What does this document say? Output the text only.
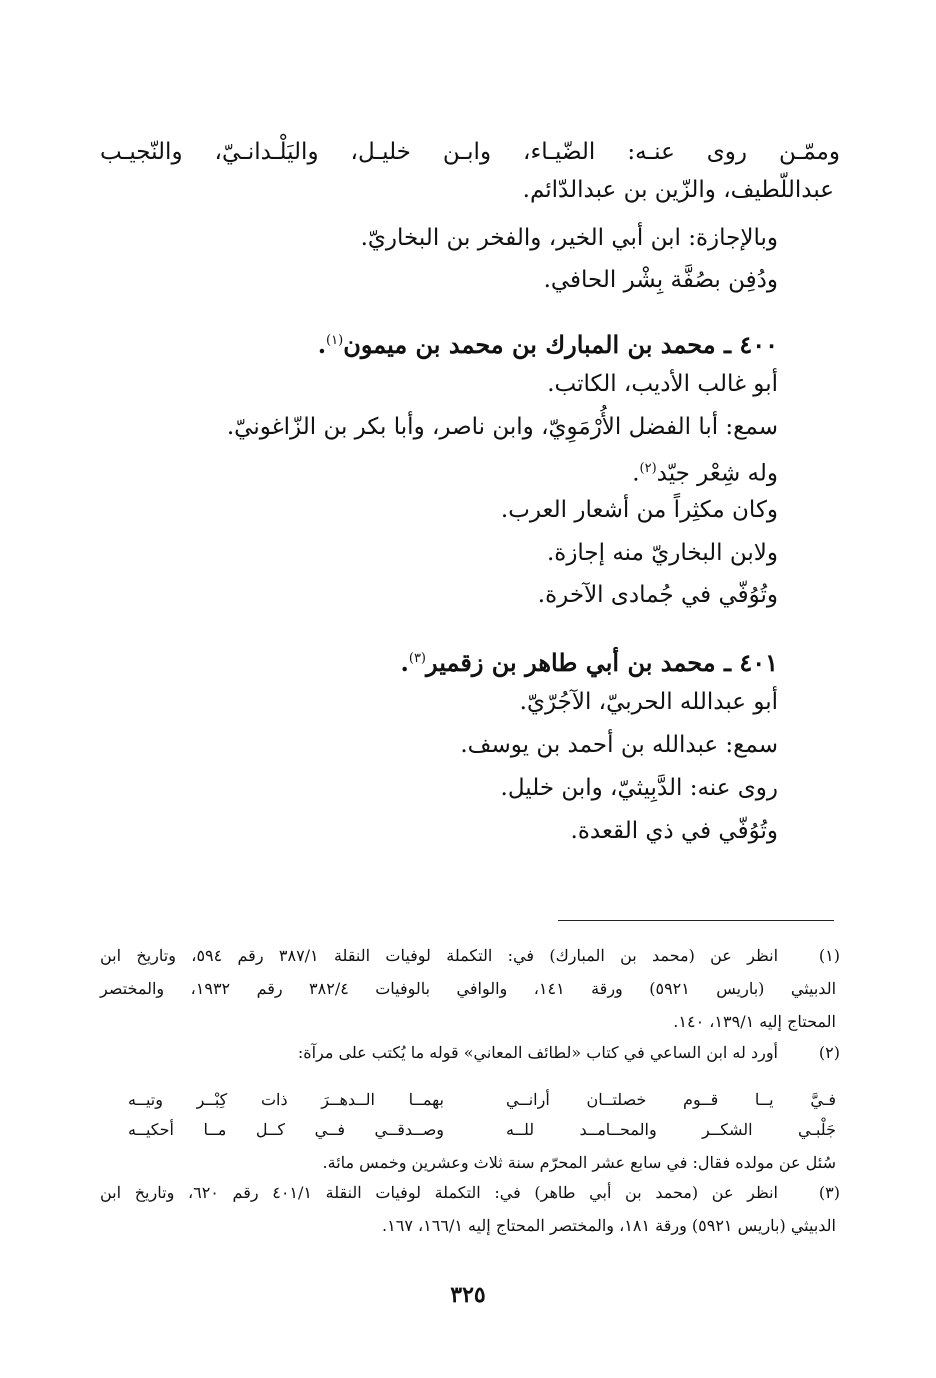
وممّـن روى عنـه: الضّيـاء، وابـن خليـل، واليَلْـدانـيّ، والنّجيـب
عبداللّطيف، والزّين بن عبدالدّائم.
وبالإجازة: ابن أبي الخير، والفخر بن البخاريّ.
ودُفِن بصُفَّة بِشْر الحافي.
٤٠٠ ـ محمد بن المبارك بن محمد بن ميمون$^{(١)}$.
أبو غالب الأديب، الكاتب.
سمع: أبا الفضل الأُرْمَوِيّ، وابن ناصر، وأبا بكر بن الزّاغونيّ.
وله شِعْر جيّد$^{(٢)}$.
وكان مكثِراً من أشعار العرب.
ولابن البخاريّ منه إجازة.
وتُوُفّي في جُمادى الآخرة.
٤٠١ ـ محمد بن أبي طاهر بن زقمير$^{(٣)}$.
أبو عبدالله الحربيّ، الآجُرّيّ.
سمع: عبدالله بن أحمد بن يوسف.
روى عنه: الدَّبِيثيّ، وابن خليل.
وتُوُفّي في ذي القعدة.
(١)
انظر عن (محمد بن المبارك) في: التكملة لوفيات النقلة ٣٨٧/١ رقم ٥٩٤، وتاريخ ابن
الدبيثي (باريس ٥٩٢١) ورقة ١٤١، والوافي بالوفيات ٣٨٢/٤ رقم ١٩٣٢، والمختصر
المحتاج إليه ١٣٩/١، ١٤٠.
(٢)
أورد له ابن الساعي في كتاب «لطائف المعاني» قوله ما يُكتب على مرآة:
فـيَّ يــا قــوم خصلتــان أرانــي
بهمــا الــدهــرَ ذات كِبْــر وتيــه
جَلْبـي الشكــر والمحــامــد للــه
وصــدقــي فــي كــل مــا أحكيــه
سُئل عن مولده فقال: في سابع عشر المحرّم سنة ثلاث وعشرين وخمس مائة.
(٣)
انظر عن (محمد بن أبي طاهر) في: التكملة لوفيات النقلة ٤٠١/١ رقم ٦٢٠، وتاريخ ابن
الدبيثي (باريس ٥٩٢١) ورقة ١٨١، والمختصر المحتاج إليه ١٦٦/١، ١٦٧.
٣٢٥
